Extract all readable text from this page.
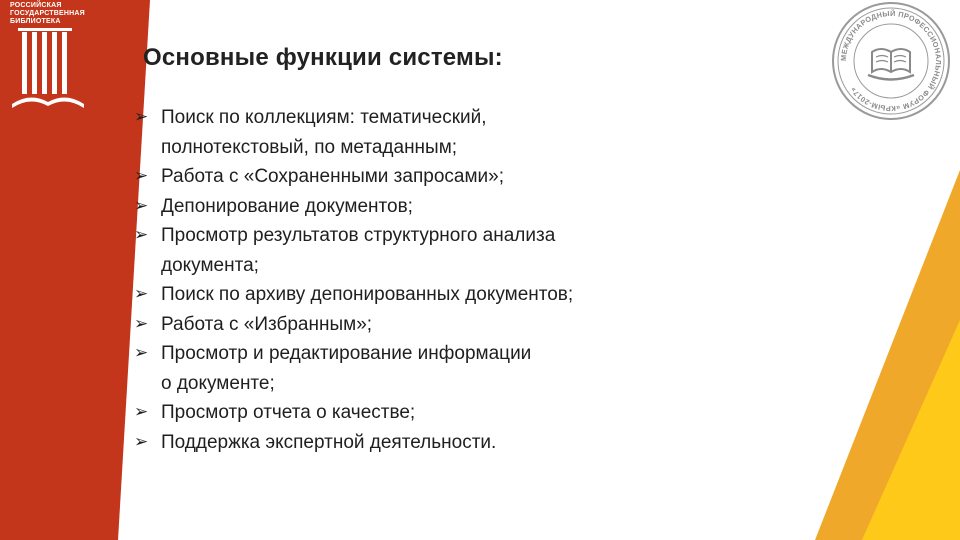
РОССИЙСКАЯ
ГОСУДАРСТВЕННАЯ
БИБЛИОТЕКА
Основные функции системы:
➢ Поиск по коллекциям: тематический,
полнотекстовый, по метаданным;
➢ Работа с «Сохраненными запросами»;
➢ Депонирование документов;
➢ Просмотр результатов структурного анализа
документа;
➢ Поиск по архиву депонированных документов;
➢ Работа с «Избранным»;
➢ Просмотр и редактирование информации
о документе;
➢ Просмотр отчета о качестве;
➢ Поддержка экспертной деятельности.
МЕЖДУНАРОДНЫЙ ПРОФЕССИОНАЛЬНЫЙ ФОРУМ «КРЫМ-2017»
